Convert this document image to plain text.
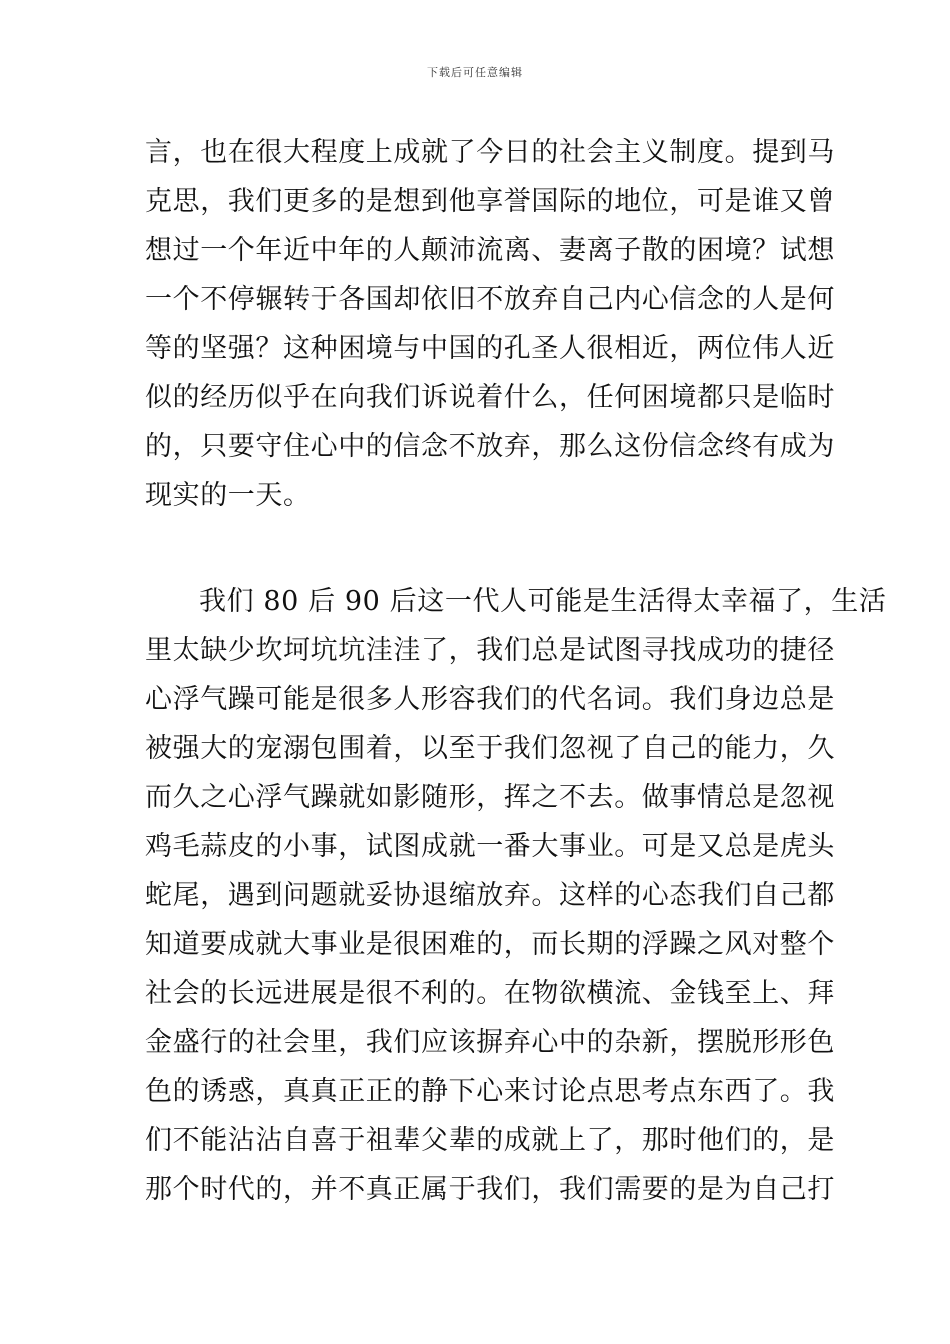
下载后可任意编辑
言，也在很大程度上成就了今日的社会主义制度。提到马
克思，我们更多的是想到他享誉国际的地位，可是谁又曾
想过一个年近中年的人颠沛流离、妻离子散的困境？试想
一个不停辗转于各国却依旧不放弃自己内心信念的人是何
等的坚强？这种困境与中国的孔圣人很相近，两位伟人近
似的经历似乎在向我们诉说着什么，任何困境都只是临时
的，只要守住心中的信念不放弃，那么这份信念终有成为
现实的一天。
我们 80 后 90 后这一代人可能是生活得太幸福了，生活
里太缺少坎坷坑坑洼洼了，我们总是试图寻找成功的捷径
心浮气躁可能是很多人形容我们的代名词。我们身边总是
被强大的宠溺包围着，以至于我们忽视了自己的能力，久
而久之心浮气躁就如影随形，挥之不去。做事情总是忽视
鸡毛蒜皮的小事，试图成就一番大事业。可是又总是虎头
蛇尾，遇到问题就妥协退缩放弃。这样的心态我们自己都
知道要成就大事业是很困难的，而长期的浮躁之风对整个
社会的长远进展是很不利的。在物欲横流、金钱至上、拜
金盛行的社会里，我们应该摒弃心中的杂新，摆脱形形色
色的诱惑，真真正正的静下心来讨论点思考点东西了。我
们不能沾沾自喜于祖辈父辈的成就上了，那时他们的，是
那个时代的，并不真正属于我们，我们需要的是为自己打
